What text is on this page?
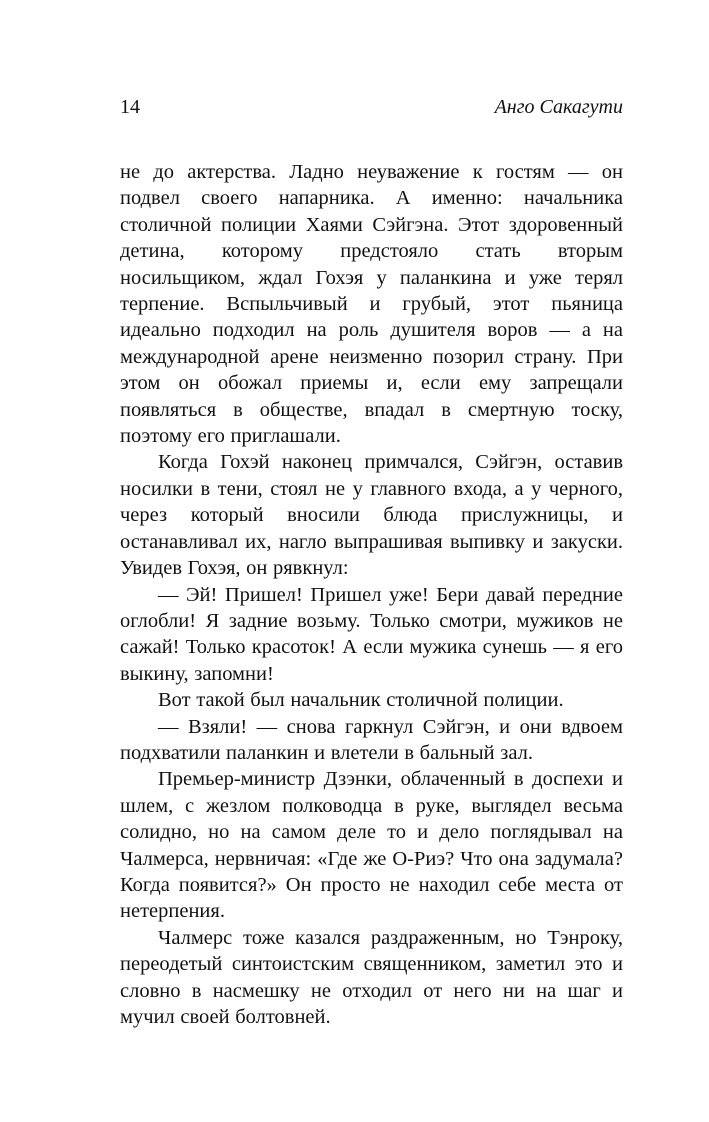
14	Анго Сакагути

не до актерства. Ладно неуважение к гостям — он подвел своего напарника. А именно: начальника столичной полиции Хаями Сэйгэна. Этот здоровенный детина, которому предстояло стать вторым носильщиком, ждал Гохэя у паланкина и уже терял терпение. Вспыльчивый и грубый, этот пьяница идеально подходил на роль душителя воров — а на международной арене неизменно позорил страну. При этом он обожал приемы и, если ему запрещали появляться в обществе, впадал в смертную тоску, поэтому его приглашали.

Когда Гохэй наконец примчался, Сэйгэн, оставив носилки в тени, стоял не у главного входа, а у черного, через который вносили блюда прислужницы, и останавливал их, нагло выпрашивая выпивку и закуски. Увидев Гохэя, он рявкнул:

— Эй! Пришел! Пришел уже! Бери давай передние оглобли! Я задние возьму. Только смотри, мужиков не сажай! Только красоток! А если мужика сунешь — я его выкину, запомни!

Вот такой был начальник столичной полиции.

— Взяли! — снова гаркнул Сэйгэн, и они вдвоем подхватили паланкин и влетели в бальный зал.

Премьер-министр Дзэнки, облаченный в доспехи и шлем, с жезлом полководца в руке, выглядел весьма солидно, но на самом деле то и дело поглядывал на Чалмерса, нервничая: «Где же О-Риэ? Что она задумала? Когда появится?» Он просто не находил себе места от нетерпения.

Чалмерс тоже казался раздраженным, но Тэнроку, переодетый синтоистским священником, заметил это и словно в насмешку не отходил от него ни на шаг и мучил своей болтовней.
